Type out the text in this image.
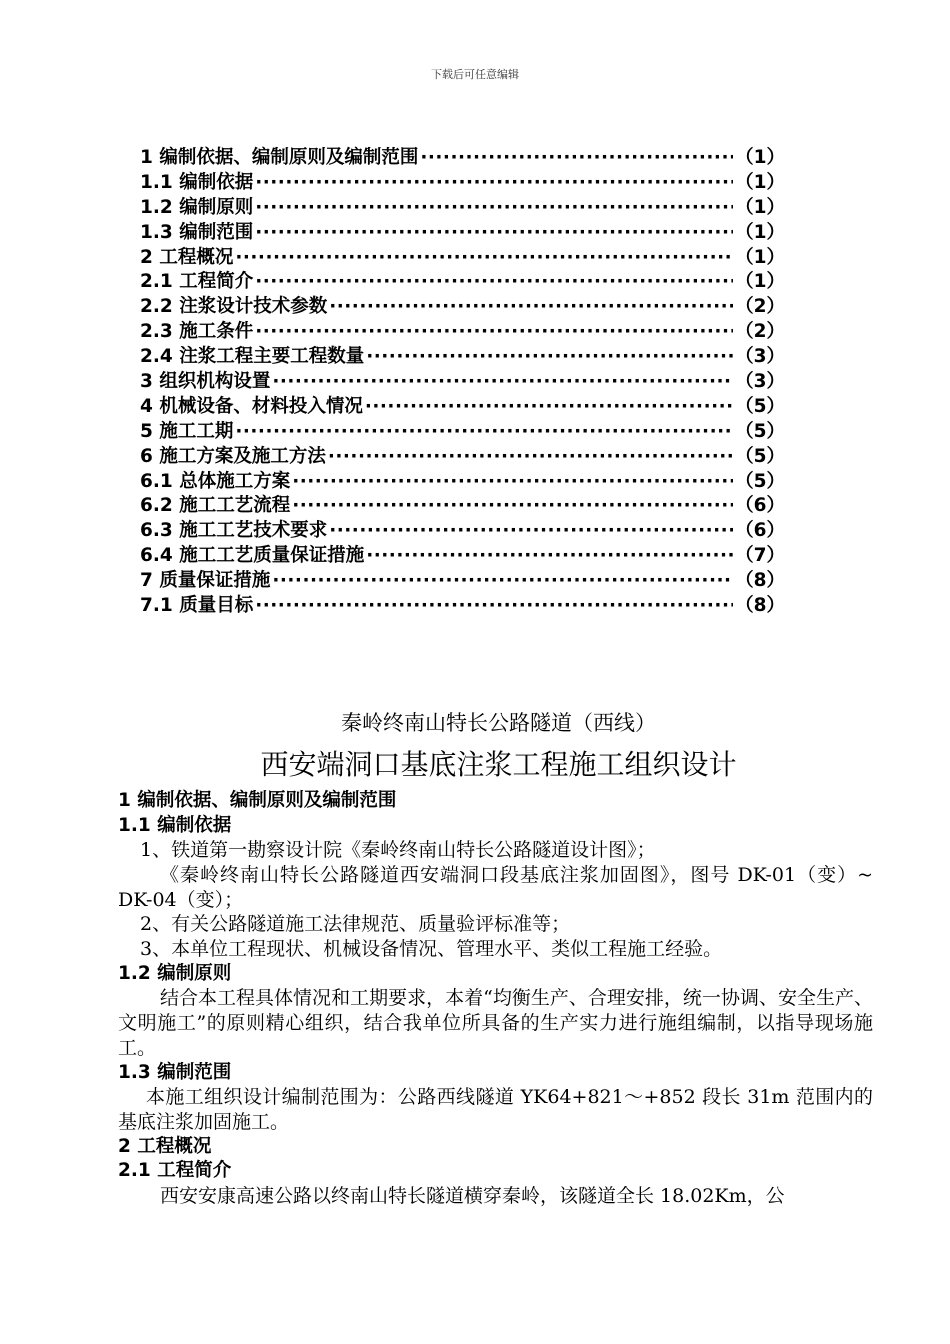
下载后可任意编辑
1 编制依据、编制原则及编制范围 ·····	（1）
1.1 编制依据 ·····	（1）
1.2 编制原则 ·····	（1）
1.3 编制范围 ·····	（1）
2 工程概况 ·····	（1）
2.1 工程简介 ·····	（1）
2.2 注浆设计技术参数 ·····	（2）
2.3 施工条件 ·····	（2）
2.4 注浆工程主要工程数量 ·····	（3）
3 组织机构设置 ·····	（3）
4 机械设备、材料投入情况 ·····	（5）
5 施工工期 ·····	（5）
6 施工方案及施工方法 ·····	（5）
6.1 总体施工方案 ·····	（5）
6.2 施工工艺流程 ·····	（6）
6.3 施工工艺技术要求 ·····	（6）
6.4 施工工艺质量保证措施 ·····	（7）
7 质量保证措施 ·····	（8）
7.1 质量目标 ·····	（8）
秦岭终南山特长公路隧道（西线）
西安端洞口基底注浆工程施工组织设计
1 编制依据、编制原则及编制范围
1.1 编制依据
1、铁道第一勘察设计院《秦岭终南山特长公路隧道设计图》；
《秦岭终南山特长公路隧道西安端洞口段基底注浆加固图》，图号 DK-01（变）~ DK-04（变）；
2、有关公路隧道施工法律规范、质量验评标准等；
3、本单位工程现状、机械设备情况、管理水平、类似工程施工经验。
1.2 编制原则
结合本工程具体情况和工期要求，本着“均衡生产、合理安排，统一协调、安全生产、文明施工”的原则精心组织，结合我单位所具备的生产实力进行施组编制，以指导现场施工。
1.3 编制范围
本施工组织设计编制范围为：公路西线隧道 YK64+821～+852 段长 31m 范围内的基底注浆加固施工。
2 工程概况
2.1 工程简介
西安安康高速公路以终南山特长隧道横穿秦岭，该隧道全长 18.02Km，公
